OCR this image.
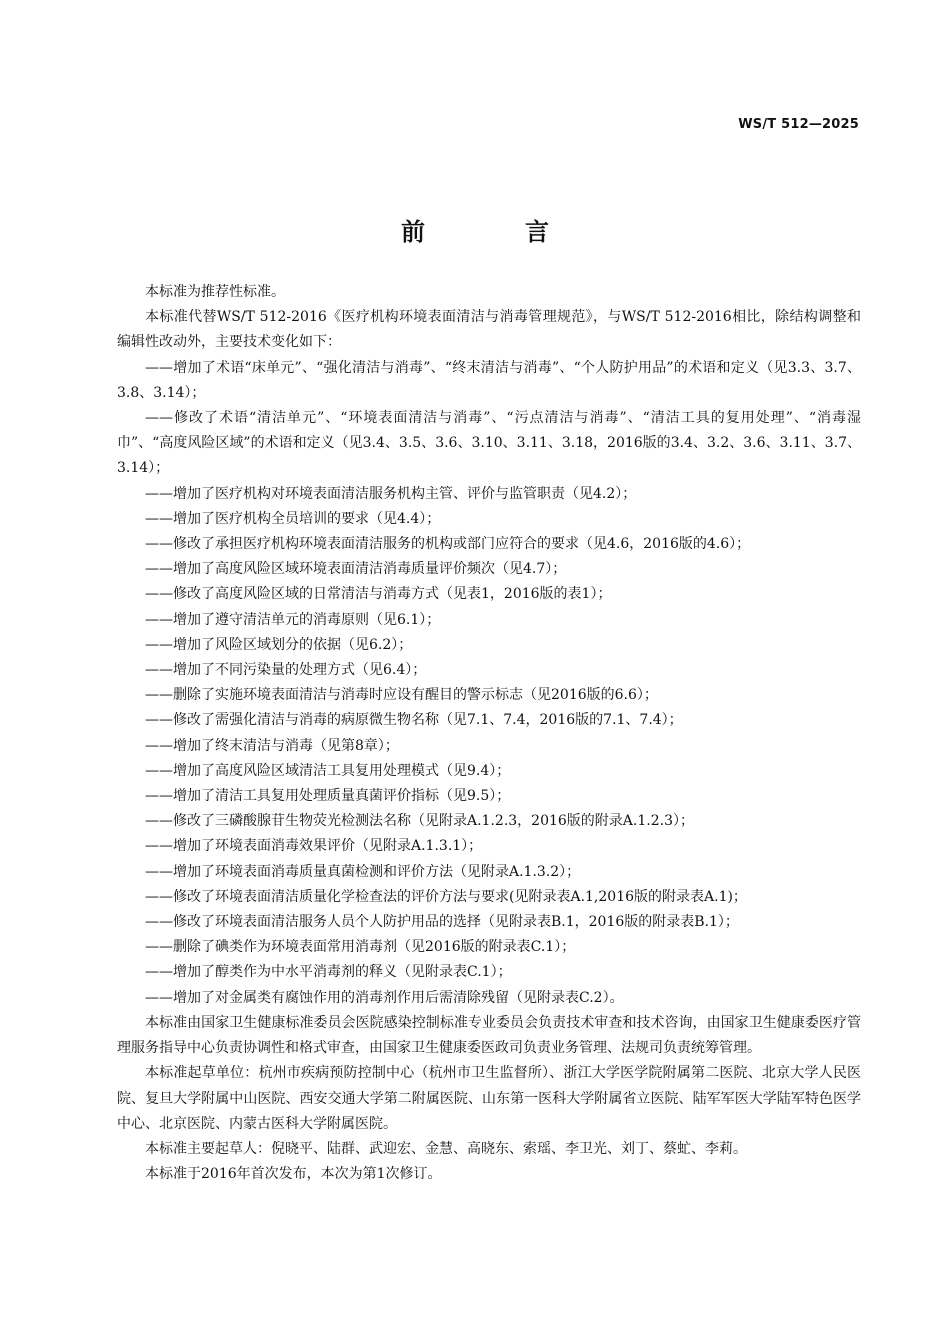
WS/T 512—2025
前　言

本标准为推荐性标准。

本标准代替WS/T 512-2016《医疗机构环境表面清洁与消毒管理规范》，与WS/T 512-2016相比，除结构调整和编辑性改动外，主要技术变化如下：

——增加了术语“床单元”、“强化清洁与消毒”、“终末清洁与消毒”、“个人防护用品”的术语和定义（见3.3、3.7、3.8、3.14）；
——修改了术语“清洁单元”、“环境表面清洁与消毒”、“污点清洁与消毒”、“清洁工具的复用处理”、“消毒湿巾”、“高度风险区域”的术语和定义（见3.4、3.5、3.6、3.10、3.11、3.18，2016版的3.4、3.2、3.6、3.11、3.7、3.14）；
——增加了医疗机构对环境表面清洁服务机构主管、评价与监管职责（见4.2）；
——增加了医疗机构全员培训的要求（见4.4）；
——修改了承担医疗机构环境表面清洁服务的机构或部门应符合的要求（见4.6，2016版的4.6）；
——增加了高度风险区域环境表面清洁消毒质量评价频次（见4.7）；
——修改了高度风险区域的日常清洁与消毒方式（见表1，2016版的表1）；
——增加了遵守清洁单元的消毒原则（见6.1）；
——增加了风险区域划分的依据（见6.2）；
——增加了不同污染量的处理方式（见6.4）；
——删除了实施环境表面清洁与消毒时应设有醒目的警示标志（见2016版的6.6）；
——修改了需强化清洁与消毒的病原微生物名称（见7.1、7.4，2016版的7.1、7.4）；
——增加了终末清洁与消毒（见第8章）；
——增加了高度风险区域清洁工具复用处理模式（见9.4）；
——增加了清洁工具复用处理质量真菌评价指标（见9.5）；
——修改了三磷酸腺苷生物荧光检测法名称（见附录A.1.2.3，2016版的附录A.1.2.3）；
——增加了环境表面消毒效果评价（见附录A.1.3.1）；
——增加了环境表面消毒质量真菌检测和评价方法（见附录A.1.3.2）；
——修改了环境表面清洁质量化学检查法的评价方法与要求(见附录表A.1,2016版的附录表A.1)；
——修改了环境表面清洁服务人员个人防护用品的选择（见附录表B.1，2016版的附录表B.1）；
——删除了碘类作为环境表面常用消毒剂（见2016版的附录表C.1）；
——增加了醇类作为中水平消毒剂的释义（见附录表C.1）；
——增加了对金属类有腐蚀作用的消毒剂作用后需清除残留（见附录表C.2）。

本标准由国家卫生健康标准委员会医院感染控制标准专业委员会负责技术审查和技术咨询，由国家卫生健康委医疗管理服务指导中心负责协调性和格式审查，由国家卫生健康委医政司负责业务管理、法规司负责统筹管理。

本标准起草单位：杭州市疾病预防控制中心（杭州市卫生监督所）、浙江大学医学院附属第二医院、北京大学人民医院、复旦大学附属中山医院、西安交通大学第二附属医院、山东第一医科大学附属省立医院、陆军军医大学陆军特色医学中心、北京医院、内蒙古医科大学附属医院。

本标准主要起草人：倪晓平、陆群、武迎宏、金慧、高晓东、索瑶、李卫光、刘丁、蔡虻、李莉。

本标准于2016年首次发布，本次为第1次修订。
